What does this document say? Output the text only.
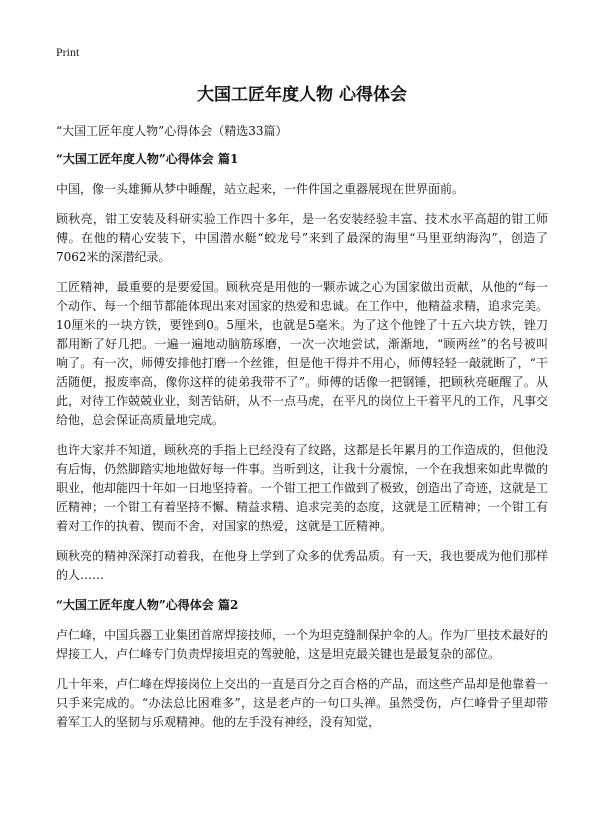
Print
大国工匠年度人物 心得体会
“大国工匠年度人物”心得体会（精选33篇）
“大国工匠年度人物”心得体会 篇1

中国，像一头雄狮从梦中睡醒，站立起来，一件件国之重器展现在世界面前。

顾秋亮，钳工安装及科研实验工作四十多年，是一名安装经验丰富、技术水平高超的钳工师傅。在他的精心安装下，中国潜水艇“蛟龙号”来到了最深的海里“马里亚纳海沟”，创造了7062米的深潜纪录。

工匠精神，最重要的是要爱国。顾秋亮是用他的一颗赤诚之心为国家做出贡献，从他的“每一个动作、每一个细节都能体现出来对国家的热爱和忠诚。在工作中，他精益求精，追求完美。10厘米的一块方铁，要锉到0。5厘米，也就是5毫米。为了这个他锉了十五六块方铁，锉刀都用断了好几把。一遍一遍地动脑筋琢磨，一次一次地尝试，渐渐地，“顾两丝”的名号被叫响了。有一次，师傅安排他打磨一个丝锥，但是他干得并不用心，师傅轻轻一敲就断了，“干活随便，报废率高，像你这样的徒弟我带不了”。师傅的话像一把钢锤，把顾秋亮砸醒了。从此，对待工作兢兢业业，刻苦钻研，从不一点马虎，在平凡的岗位上干着平凡的工作，凡事交给他，总会保证高质量地完成。

也许大家并不知道，顾秋亮的手指上已经没有了纹路，这都是长年累月的工作造成的，但他没有后悔，仍然脚踏实地地做好每一件事。当听到这，让我十分震惊，一个在我想来如此卑微的职业，他却能四十年如一日地坚持着。一个钳工把工作做到了极致，创造出了奇迹，这就是工匠精神；一个钳工有着坚持不懈、精益求精、追求完美的态度，这就是工匠精神；一个钳工有着对工作的执着、锲而不舍，对国家的热爱，这就是工匠精神。

顾秋亮的精神深深打动着我，在他身上学到了众多的优秀品质。有一天，我也要成为他们那样的人……

“大国工匠年度人物”心得体会 篇2

卢仁峰，中国兵器工业集团首席焊接技师，一个为坦克缝制保护伞的人。作为厂里技术最好的焊接工人，卢仁峰专门负责焊接坦克的驾驶舱，这是坦克最关键也是最复杂的部位。

几十年来，卢仁峰在焊接岗位上交出的一直是百分之百合格的产品，而这些产品却是他靠着一只手来完成的。“办法总比困难多”，这是老卢的一句口头禅。虽然受伤，卢仁峰骨子里却带着军工人的坚韧与乐观精神。他的左手没有神经，没有知觉，
